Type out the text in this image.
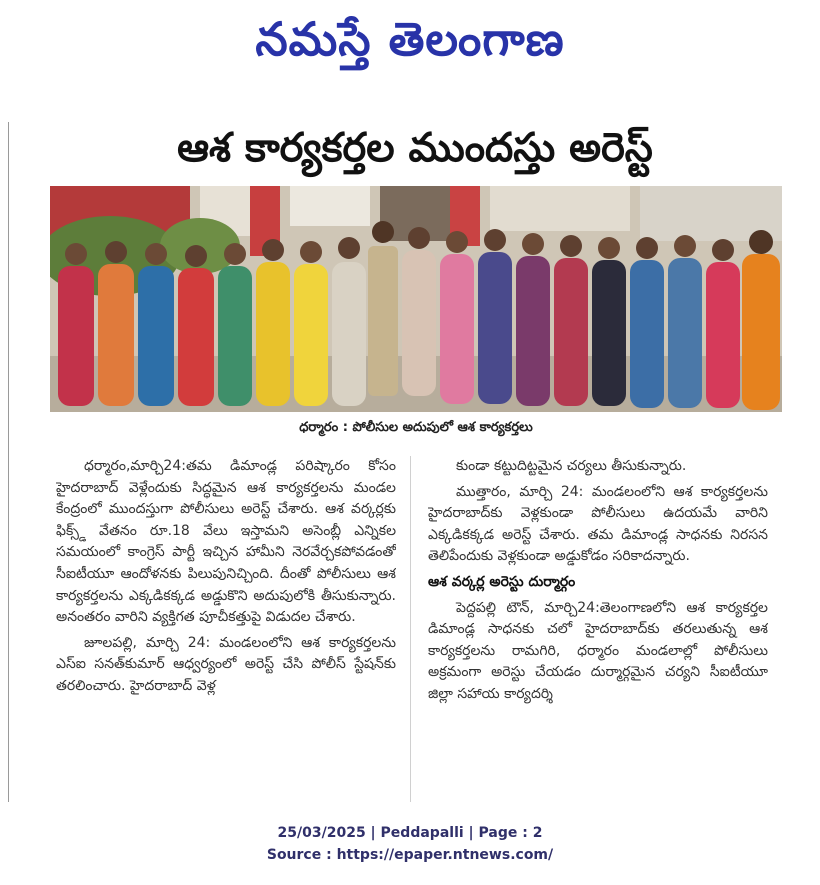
నమస్తే తెలంగాణ
ఆశ కార్యకర్తల ముందస్తు అరెస్ట్
ధర్మారం : పోలీసుల అదుపులో ఆశ కార్యకర్తలు

ధర్మారం,మార్చి24:తమ డిమాండ్ల పరిష్కారం కోసం హైదరాబాద్ వెళ్లేందుకు సిద్ధమైన ఆశ కార్యకర్తలను మండల కేంద్రంలో ముందస్తుగా పోలీసులు అరెస్ట్ చేశారు. ఆశ వర్కర్లకు ఫిక్స్డ్ వేతనం రూ.18 వేలు ఇస్తామని అసెంబ్లీ ఎన్నికల సమయంలో కాంగ్రెస్ పార్టీ ఇచ్చిన హామీని నెరవేర్చకపోవడంతో సీఐటీయూ ఆందోళనకు పిలుపునిచ్చింది. దీంతో పోలీసులు ఆశ కార్యకర్తలను ఎక్కడికక్కడ అడ్డుకొని అదుపులోకి తీసుకున్నారు. అనంతరం వారిని వ్యక్తిగత పూచీకత్తుపై విడుదల చేశారు.

జూలపల్లి, మార్చి 24: మండలంలోని ఆశ కార్యకర్తలను ఎస్ఐ సనత్‌కుమార్ ఆధ్వర్యంలో అరెస్ట్ చేసి పోలీస్ స్టేషన్‌కు తరలించారు. హైదరాబాద్ వెళ్ల

కుండా కట్టుదిట్టమైన చర్యలు తీసుకున్నారు.

ముత్తారం, మార్చి 24: మండలంలోని ఆశ కార్యకర్తలను హైదరాబాద్‌కు వెళ్లకుండా పోలీసులు ఉదయమే వారిని ఎక్కడికక్కడ అరెస్ట్ చేశారు. తమ డిమాండ్ల సాధనకు నిరసన తెలిపేందుకు వెళ్లకుండా అడ్డుకోడం సరికాదన్నారు.

ఆశ వర్కర్ల అరెస్టు దుర్మార్గం

పెద్దపల్లి టౌన్, మార్చి24:తెలంగాణలోని ఆశ కార్యకర్తల డిమాండ్ల సాధనకు చలో హైదరాబాద్‌కు తరలుతున్న ఆశ కార్యకర్తలను రామగిరి, ధర్మారం మండలాల్లో పోలీసులు అక్రమంగా అరెస్టు చేయడం దుర్మార్గమైన చర్యని సీఐటీయూ జిల్లా సహాయ కార్యదర్శి

25/03/2025 | Peddapalli | Page : 2
Source : https://epaper.ntnews.com/
